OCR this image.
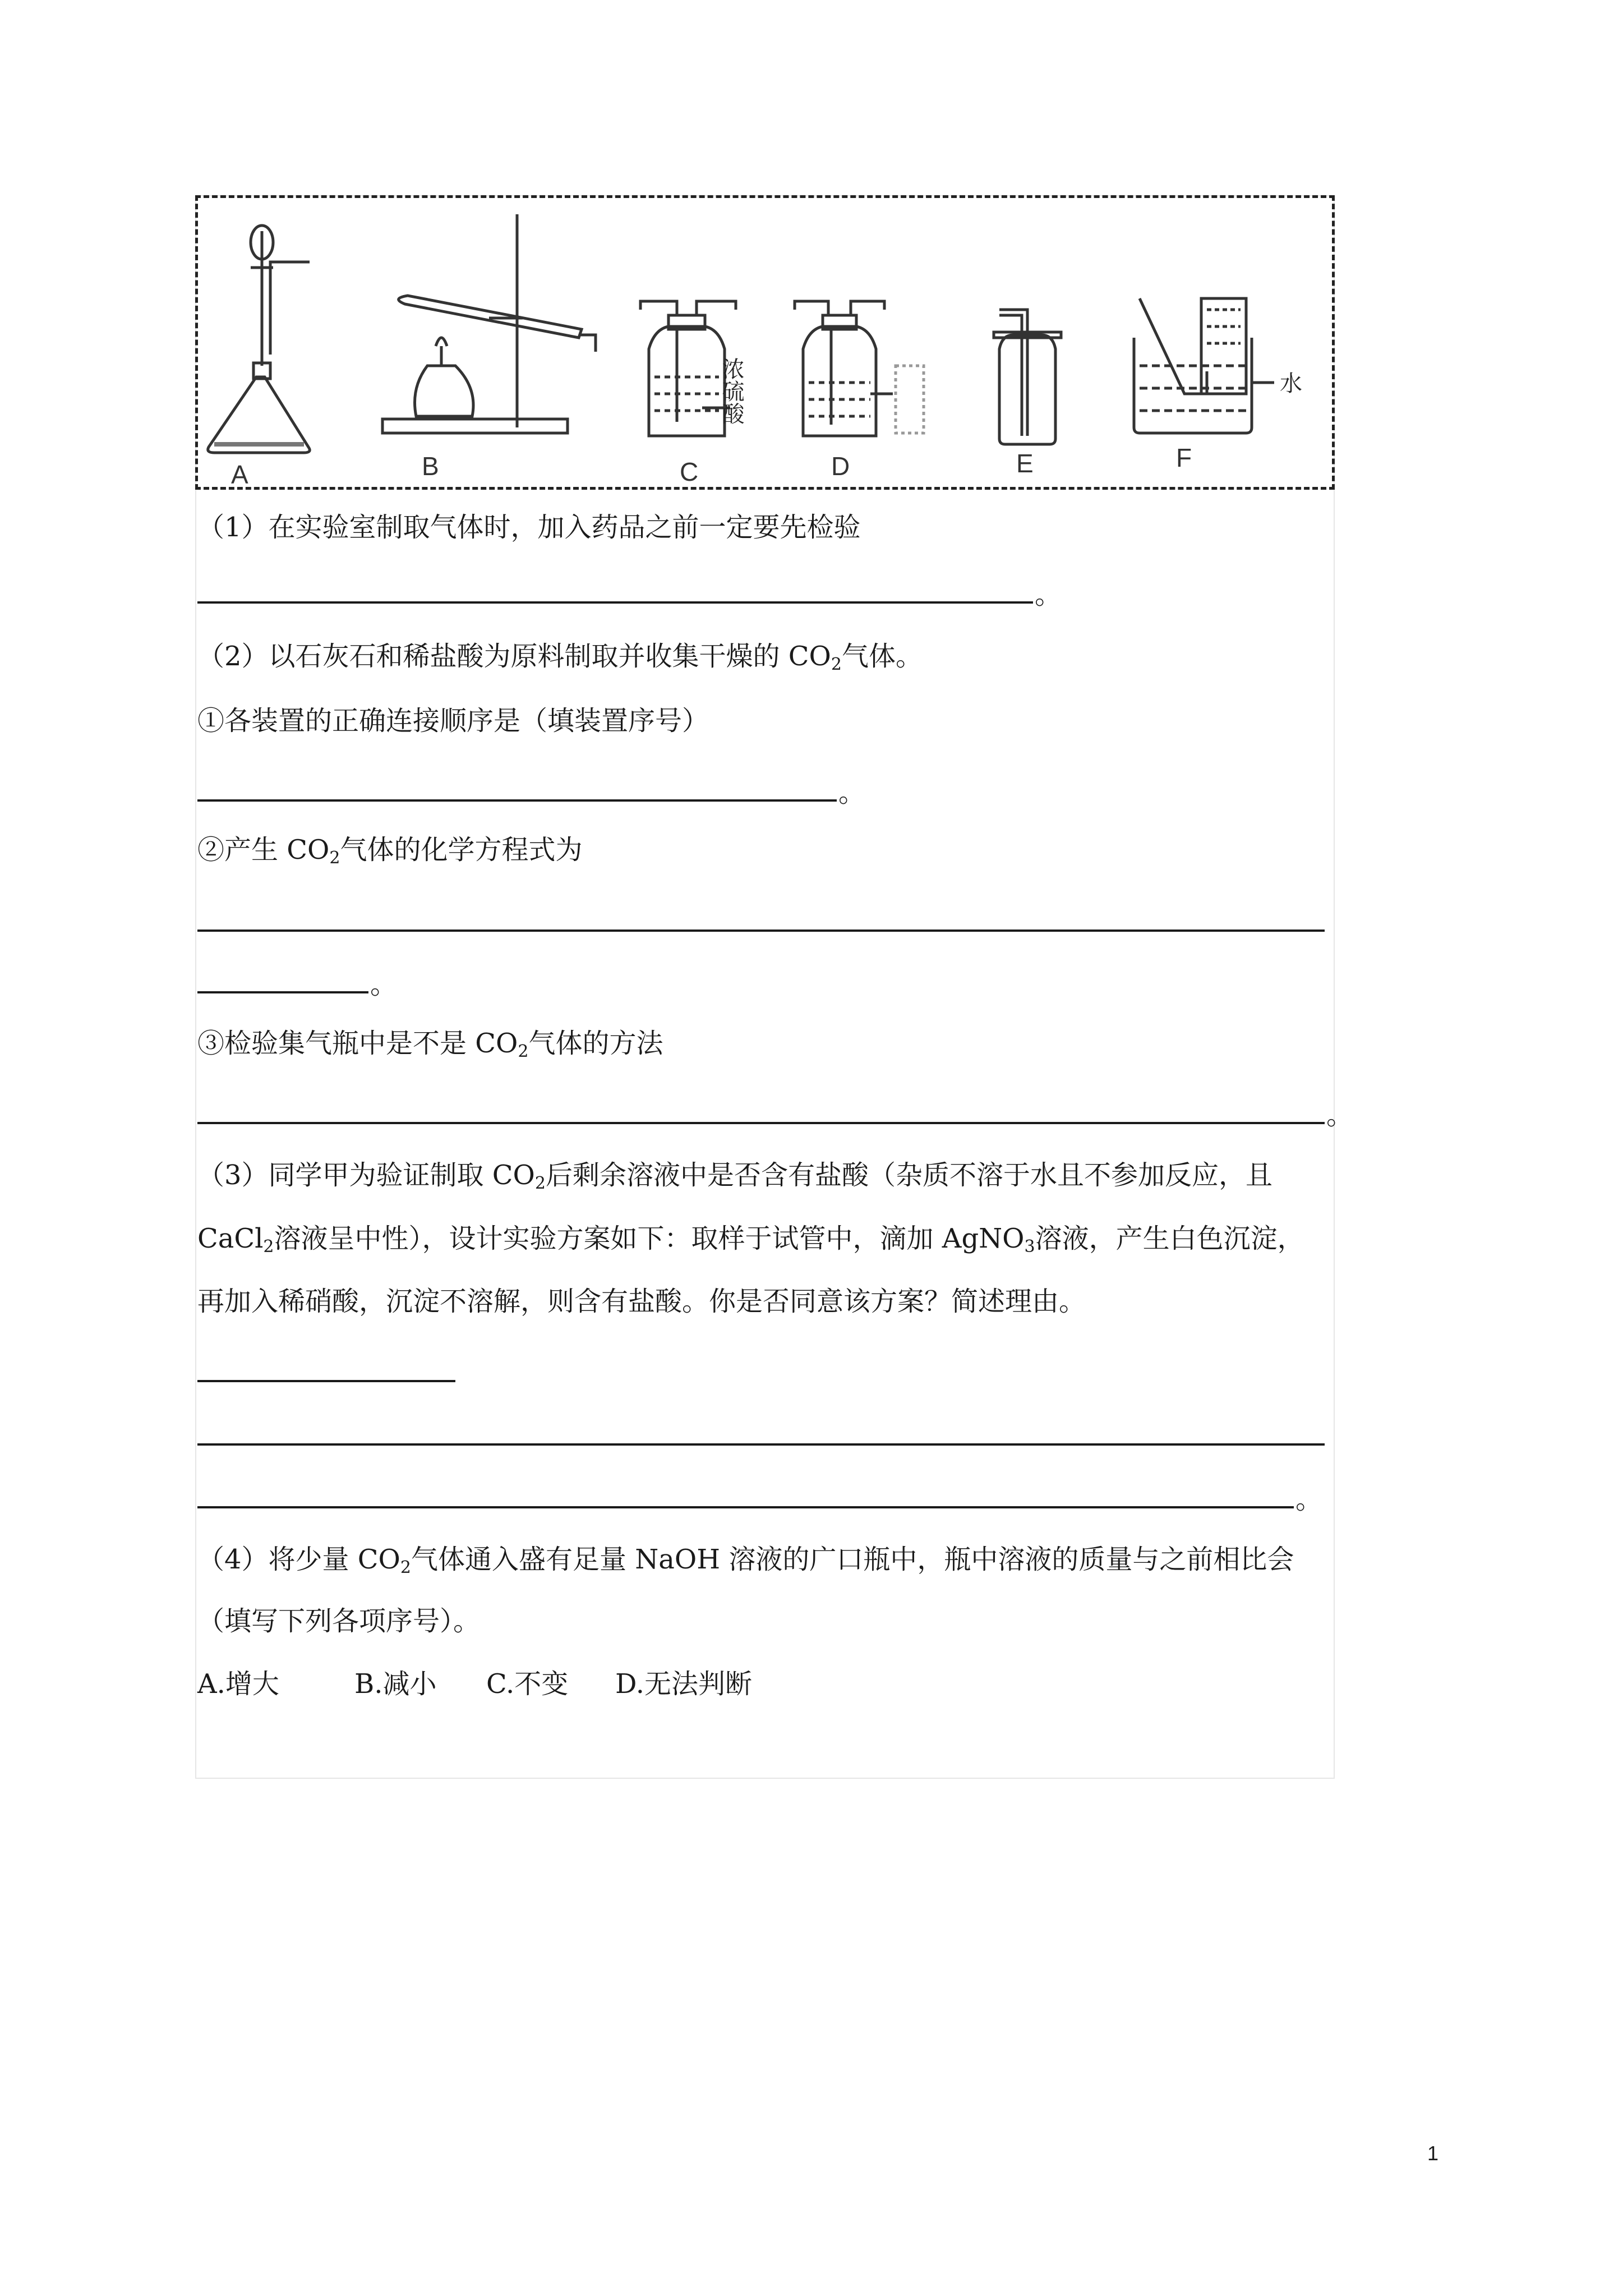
A	B	C	D	E	F
浓硫酸	水
（1）在实验室制取气体时，加入药品之前一定要先检验
。
（2）以石灰石和稀盐酸为原料制取并收集干燥的 $CO_2$气体。
①各装置的正确连接顺序是（填装置序号）
。
②产生 $CO_2$气体的化学方程式为
。
③检验集气瓶中是不是 $CO_2$气体的方法
。
（3）同学甲为验证制取 $CO_2$后剩余溶液中是否含有盐酸（杂质不溶于水且不参加反应，且
CaCl$_2$溶液呈中性），设计实验方案如下：取样于试管中，滴加 AgNO$_3$溶液，产生白色沉淀，
再加入稀硝酸，沉淀不溶解，则含有盐酸。你是否同意该方案？简述理由。
。
（4）将少量 $CO_2$气体通入盛有足量 NaOH 溶液的广口瓶中，瓶中溶液的质量与之前相比会
（填写下列各项序号）。
A.增大	B.减小 C.不变 D.无法判断
1
